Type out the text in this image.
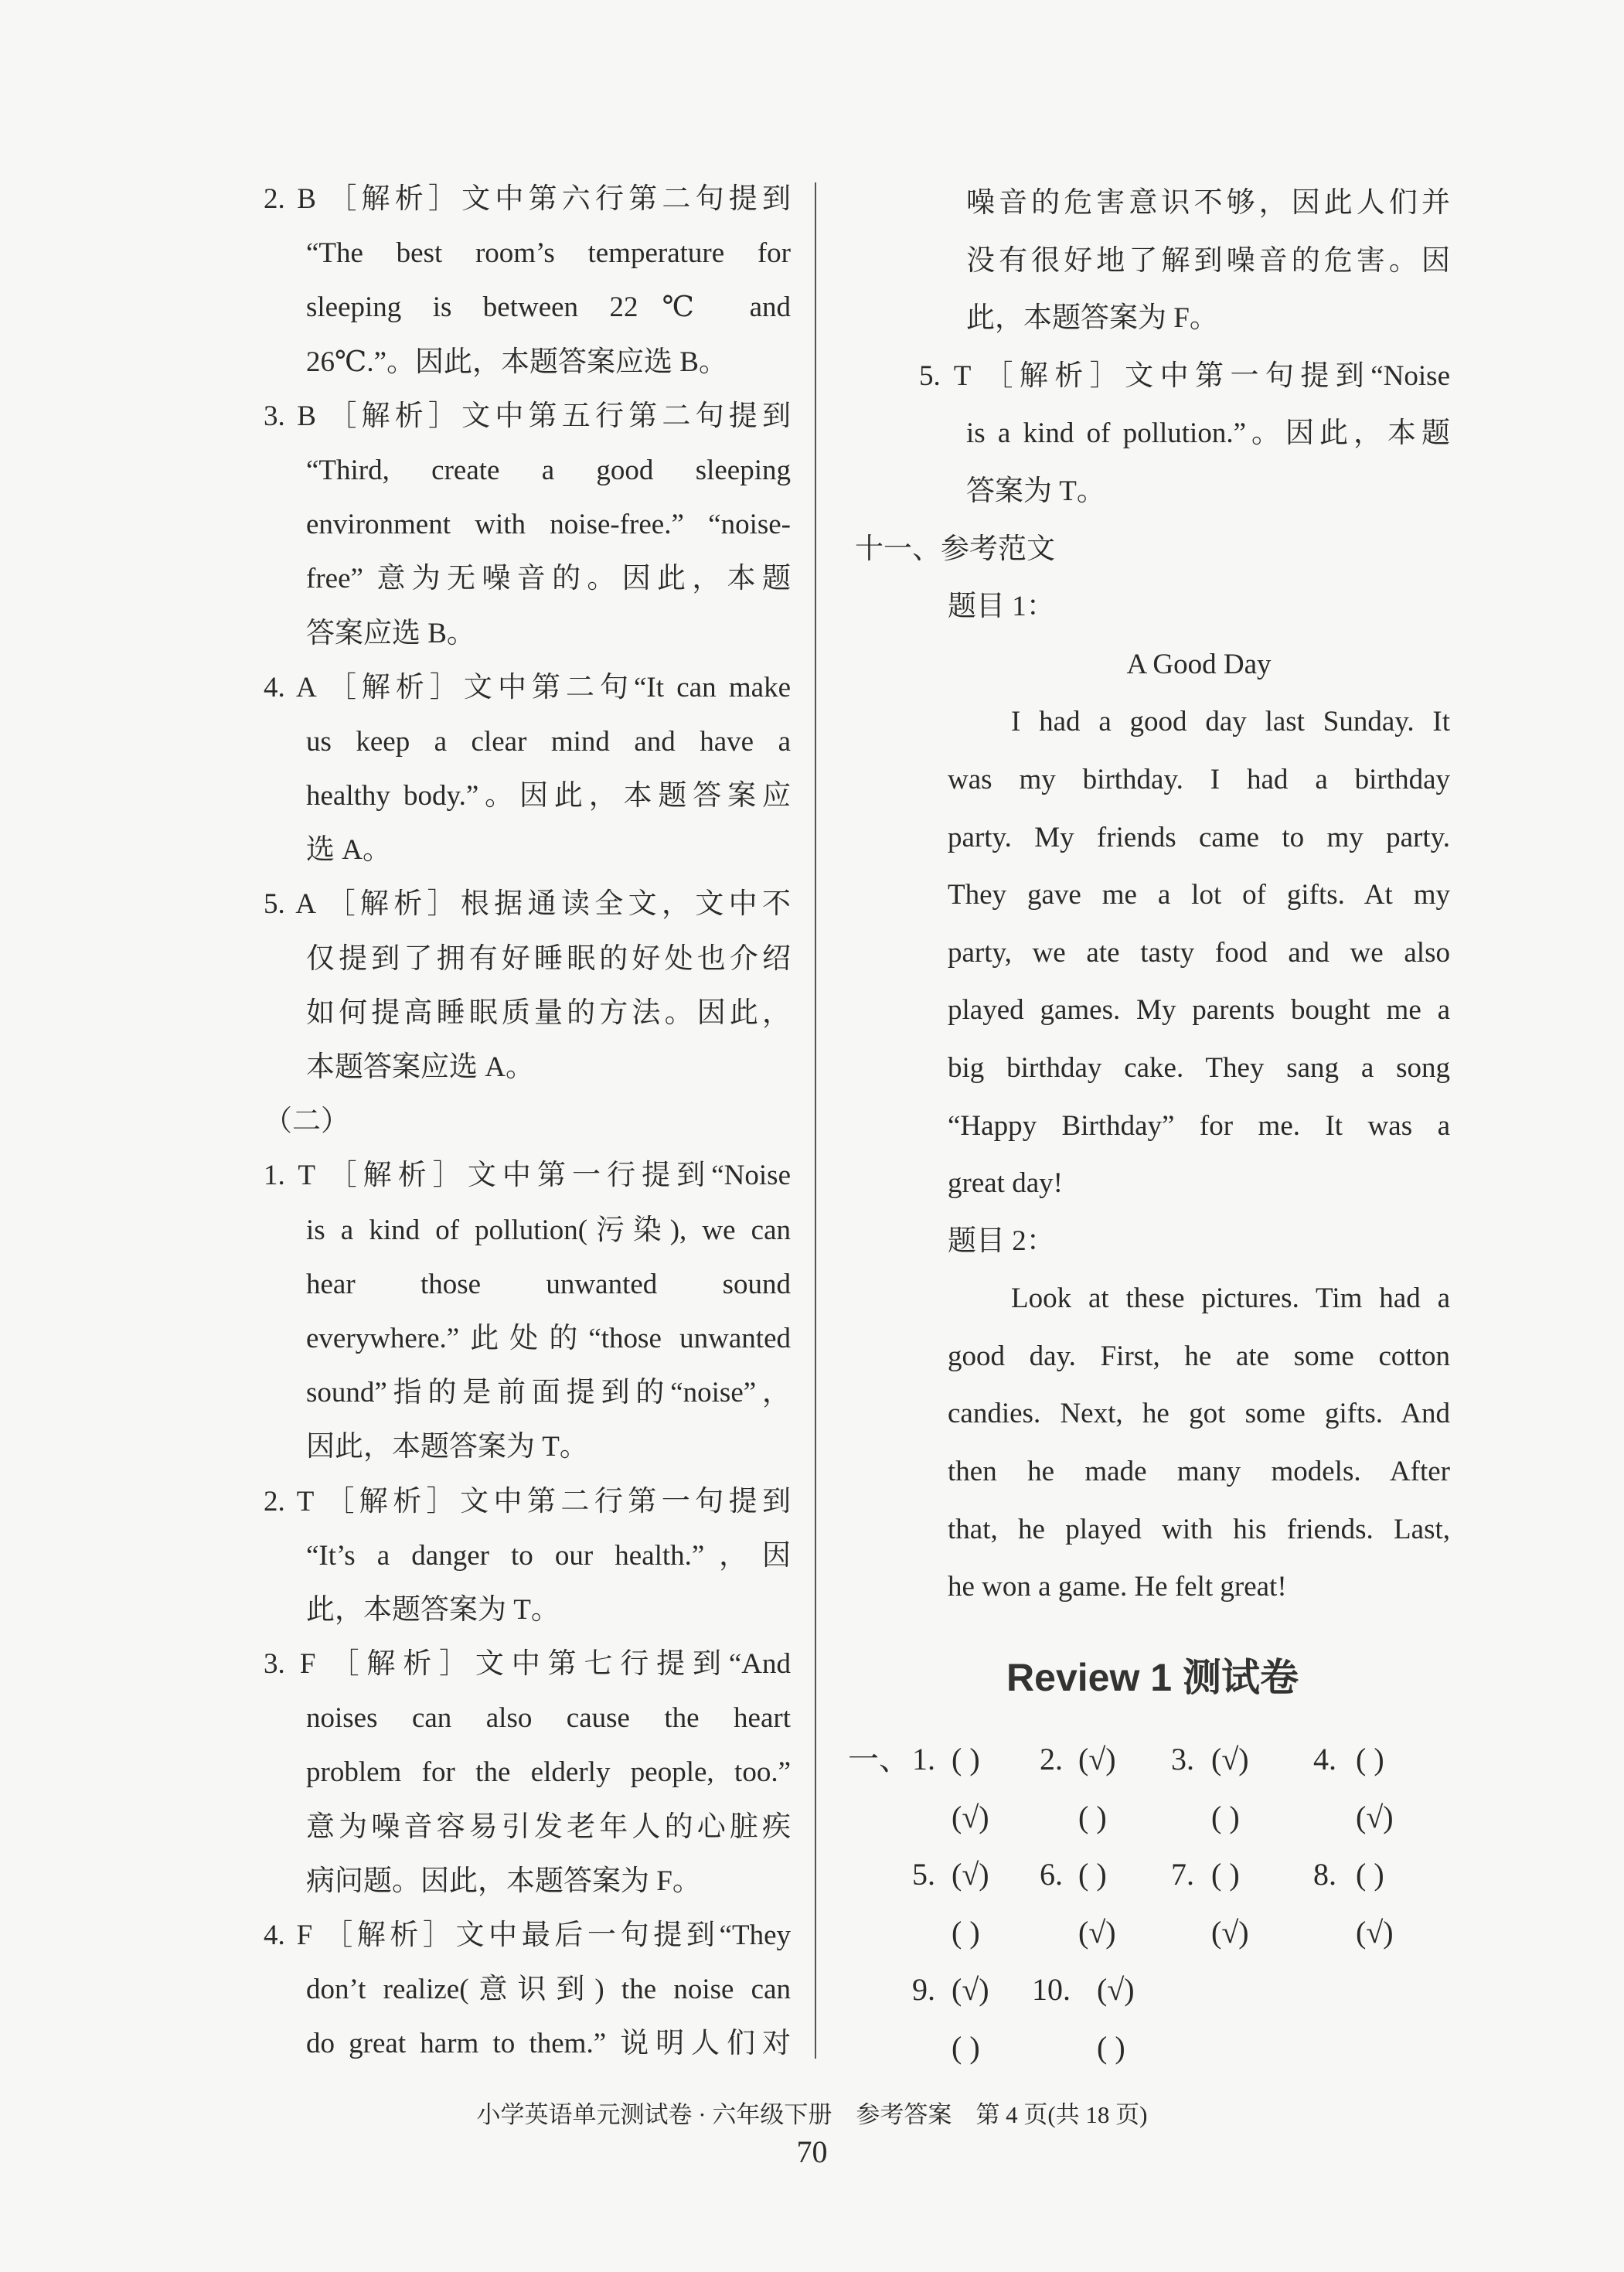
2. B ［解析］文中第六行第二句提到
“The best room’s temperature for
sleeping is between 22℃ and
26℃.”。因此，本题答案应选 B。
3. B ［解析］文中第五行第二句提到
“Third, create a good sleeping
environment with noise-free.” “noise-
free” 意为无噪音的。因此，本题
答案应选 B。
4. A ［解析］文中第二句“It can make
us keep a clear mind and have a
healthy body.”。因此，本题答案应
选 A。
5. A ［解析］根据通读全文，文中不
仅提到了拥有好睡眠的好处也介绍
如何提高睡眠质量的方法。因此，
本题答案应选 A。
（二）
1. T ［解析］文中第一行提到“Noise
is a kind of pollution(污染), we can
hear those unwanted sound
everywhere.”此处的“those unwanted
sound”指的是前面提到的“noise”，
因此，本题答案为 T。
2. T ［解析］文中第二行第一句提到
“It’s a danger to our health.”，因
此，本题答案为 T。
3. F ［解析］文中第七行提到“And
noises can also cause the heart
problem for the elderly people, too.”
意为噪音容易引发老年人的心脏疾
病问题。因此，本题答案为 F。
4. F ［解析］文中最后一句提到“They
don’t realize(意识到) the noise can
do great harm to them.” 说明人们对
噪音的危害意识不够，因此人们并
没有很好地了解到噪音的危害。因
此，本题答案为 F。
5. T ［解析］文中第一句提到“Noise
is a kind of pollution.”。因此，本题
答案为 T。
十一、参考范文
题目 1：
A Good Day
I had a good day last Sunday. It
was my birthday. I had a birthday
party. My friends came to my party.
They gave me a lot of gifts. At my
party, we ate tasty food and we also
played games. My parents bought me a
big birthday cake. They sang a song
“Happy Birthday” for me. It was a
great day!
题目 2：
Look at these pictures. Tim had a
good day. First, he ate some cotton
candies. Next, he got some gifts. And
then he made many models. After
that, he played with his friends. Last,
he won a game. He felt great!
Review 1 测试卷
一、 1. ( )
(√)
2. (√)
( )
3. (√)
( )
4. ( )
(√)
5. (√)
( )
6. ( )
(√)
7. ( )
(√)
8. ( )
(√)
9. (√)
( )
10. (√)
( )
小学英语单元测试卷 · 六年级下册　参考答案　第 4 页(共 18 页)
70
